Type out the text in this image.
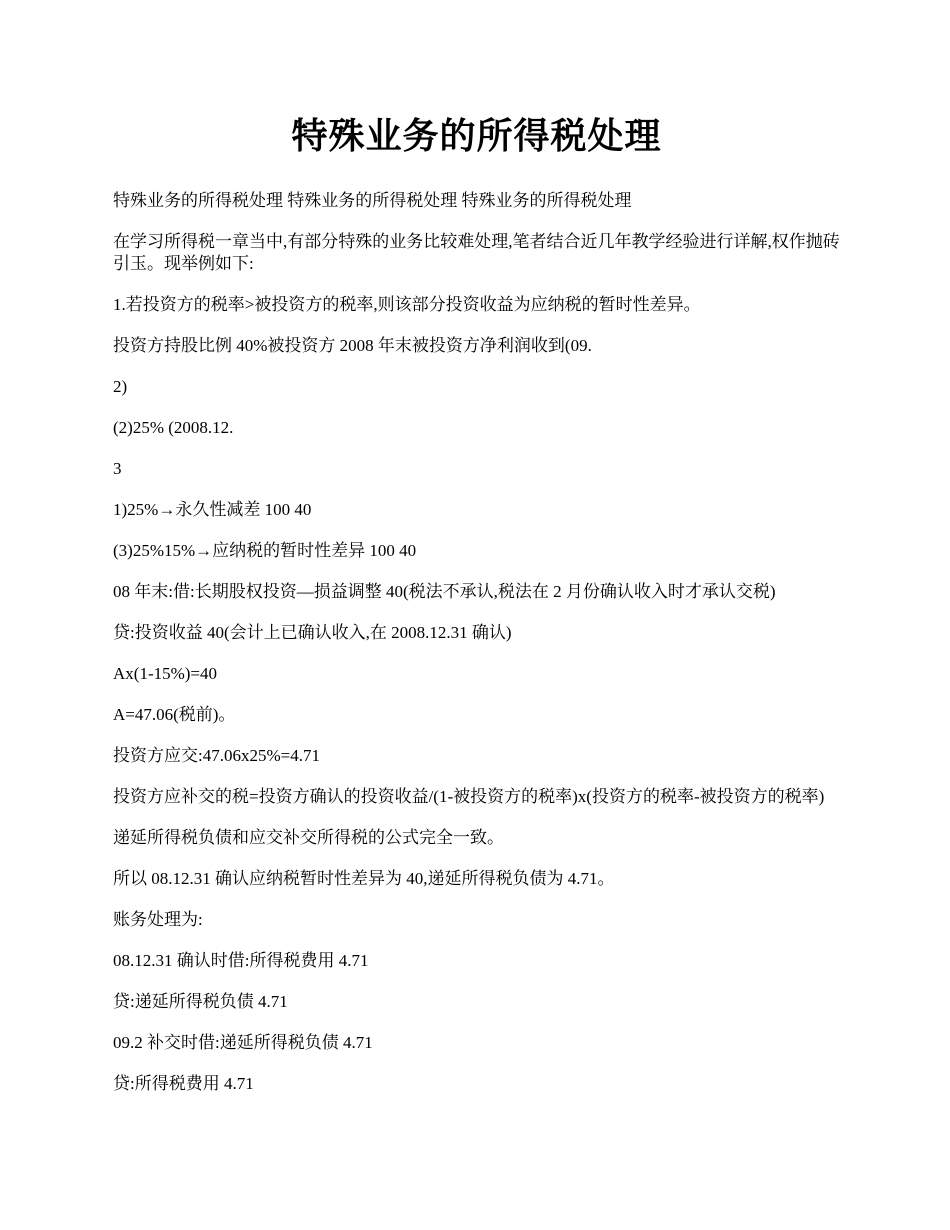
特殊业务的所得税处理

特殊业务的所得税处理 特殊业务的所得税处理 特殊业务的所得税处理

在学习所得税一章当中,有部分特殊的业务比较难处理,笔者结合近几年教学经验进行详解,权作抛砖引玉。现举例如下:

1.若投资方的税率>被投资方的税率,则该部分投资收益为应纳税的暂时性差异。

投资方持股比例 40%被投资方 2008 年末被投资方净利润收到(09.

2)

(2)25% (2008.12.

3

1)25%→永久性减差 100 40

(3)25%15%→应纳税的暂时性差异 100 40

08 年末:借:长期股权投资—损益调整 40(税法不承认,税法在 2 月份确认收入时才承认交税)

贷:投资收益 40(会计上已确认收入,在 2008.12.31 确认)

Ax(1-15%)=40

A=47.06(税前)。

投资方应交:47.06x25%=4.71

投资方应补交的税=投资方确认的投资收益/(1-被投资方的税率)x(投资方的税率-被投资方的税率)

递延所得税负债和应交补交所得税的公式完全一致。

所以 08.12.31 确认应纳税暂时性差异为 40,递延所得税负债为 4.71。

账务处理为:

08.12.31 确认时借:所得税费用 4.71

贷:递延所得税负债 4.71

09.2 补交时借:递延所得税负债 4.71

贷:所得税费用 4.71
